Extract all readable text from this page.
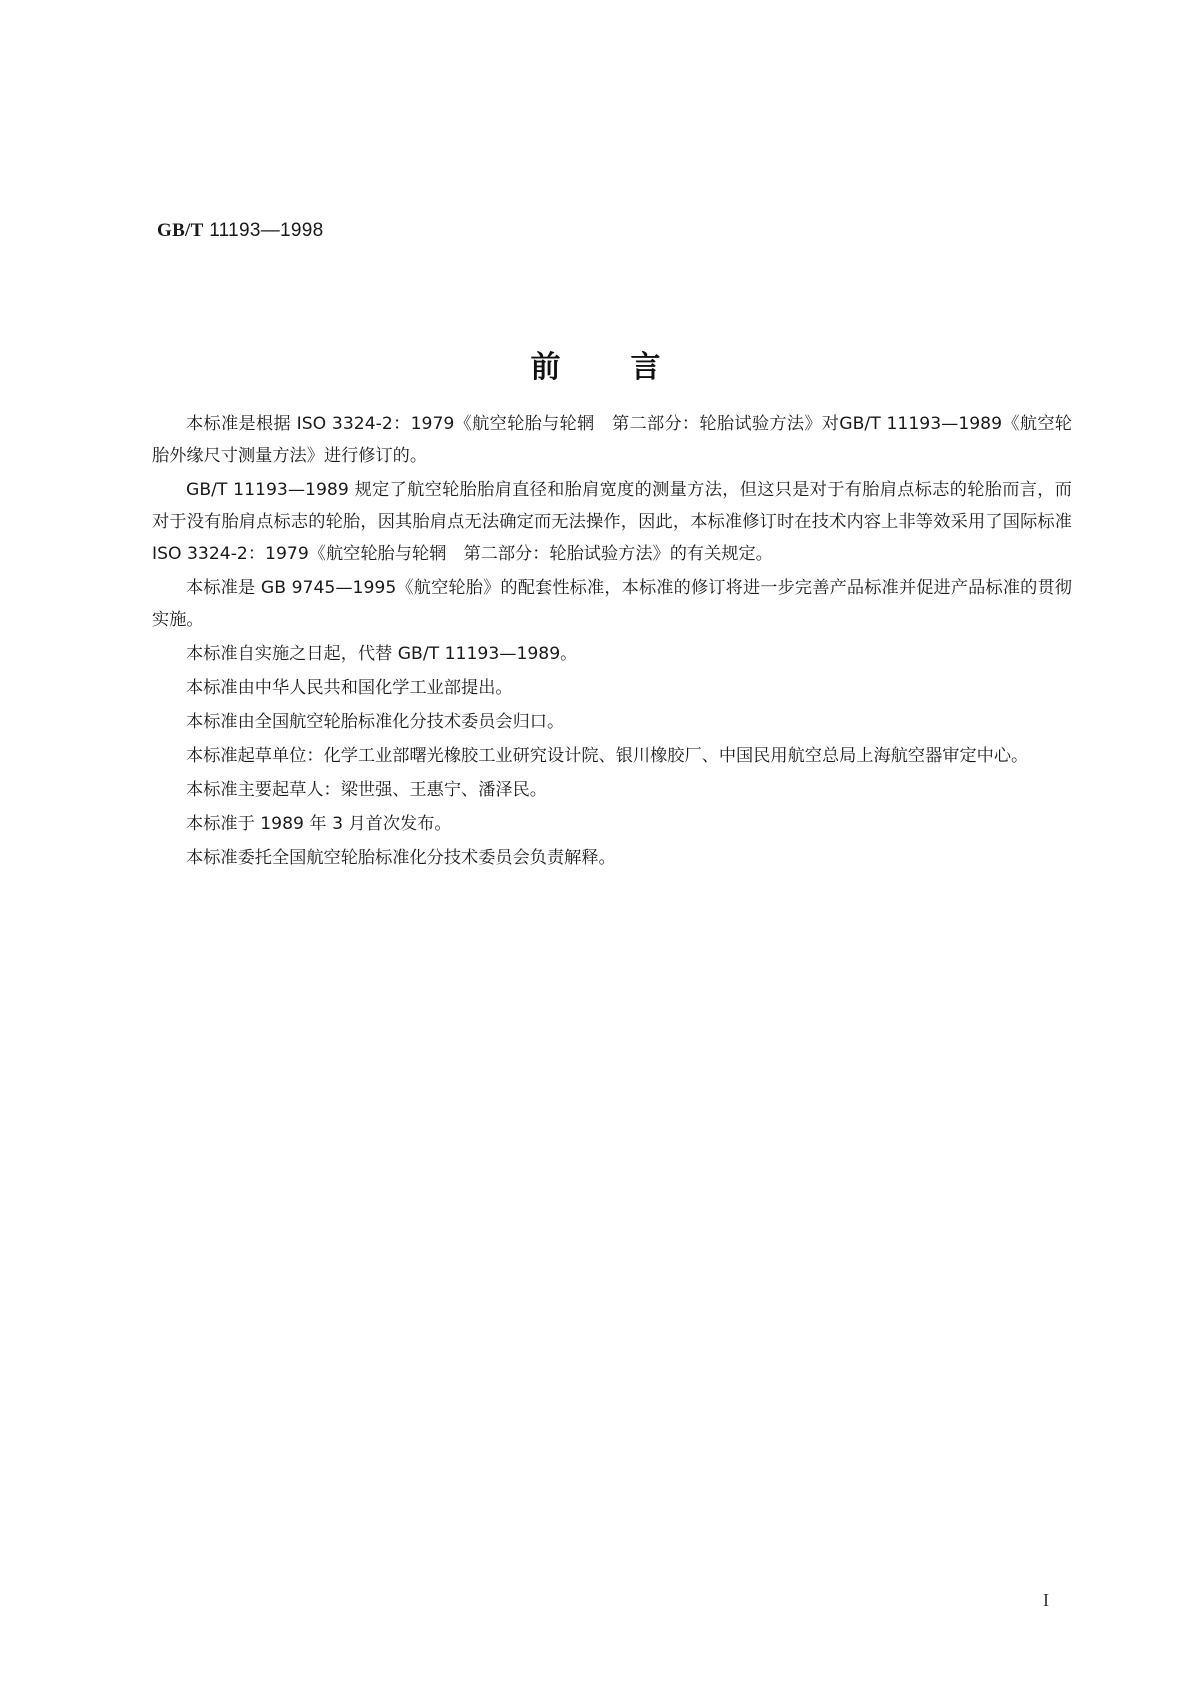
GB/T 11193—1998
前言

本标准是根据 ISO 3324-2：1979《航空轮胎与轮辋　第二部分：轮胎试验方法》对GB/T 11193—1989《航空轮胎外缘尺寸测量方法》进行修订的。

GB/T 11193—1989 规定了航空轮胎胎肩直径和胎肩宽度的测量方法，但这只是对于有胎肩点标志的轮胎而言，而对于没有胎肩点标志的轮胎，因其胎肩点无法确定而无法操作，因此，本标准修订时在技术内容上非等效采用了国际标准 ISO 3324-2：1979《航空轮胎与轮辋　第二部分：轮胎试验方法》的有关规定。

本标准是 GB 9745—1995《航空轮胎》的配套性标准，本标准的修订将进一步完善产品标准并促进产品标准的贯彻实施。

本标准自实施之日起，代替 GB/T 11193—1989。

本标准由中华人民共和国化学工业部提出。

本标准由全国航空轮胎标准化分技术委员会归口。

本标准起草单位：化学工业部曙光橡胶工业研究设计院、银川橡胶厂、中国民用航空总局上海航空器审定中心。

本标准主要起草人：梁世强、王惠宁、潘泽民。

本标准于 1989 年 3 月首次发布。

本标准委托全国航空轮胎标准化分技术委员会负责解释。

I
